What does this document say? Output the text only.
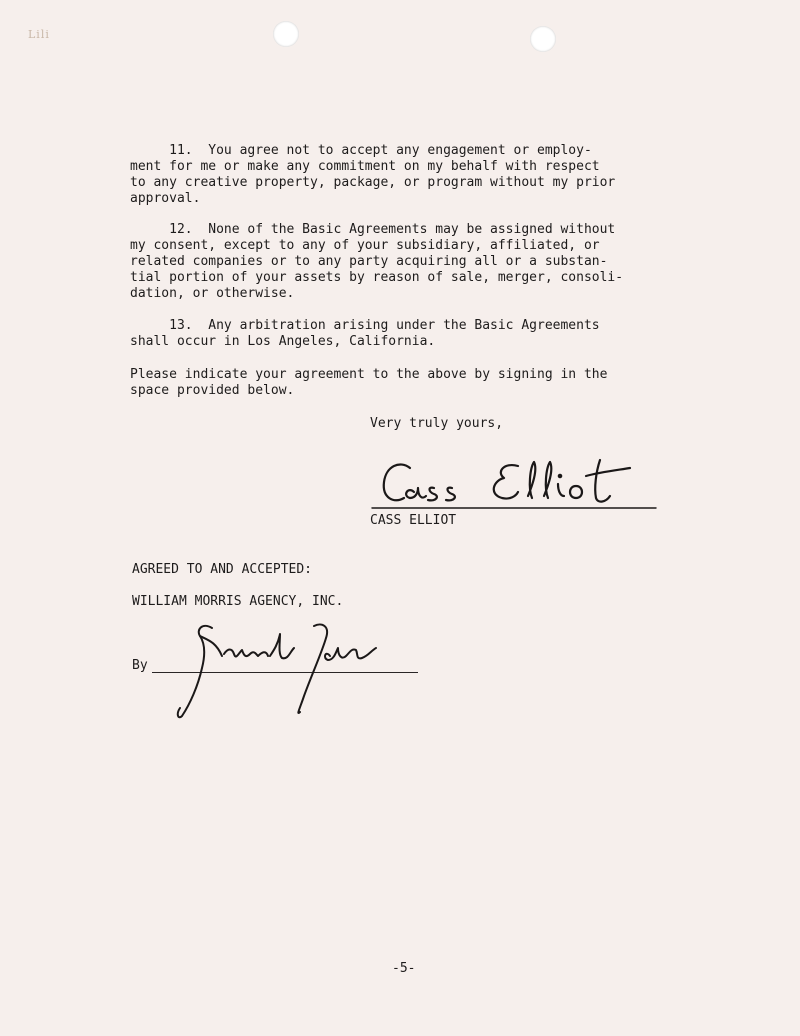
Lili
11.  You agree not to accept any engagement or employ-
ment for me or make any commitment on my behalf with respect
to any creative property, package, or program without my prior
approval.
12.  None of the Basic Agreements may be assigned without
my consent, except to any of your subsidiary, affiliated, or
related companies or to any party acquiring all or a substan-
tial portion of your assets by reason of sale, merger, consoli-
dation, or otherwise.
13.  Any arbitration arising under the Basic Agreements
shall occur in Los Angeles, California.
Please indicate your agreement to the above by signing in the
space provided below.
Very truly yours,
CASS ELLIOT
AGREED TO AND ACCEPTED:
WILLIAM MORRIS AGENCY, INC.
By
-5-
